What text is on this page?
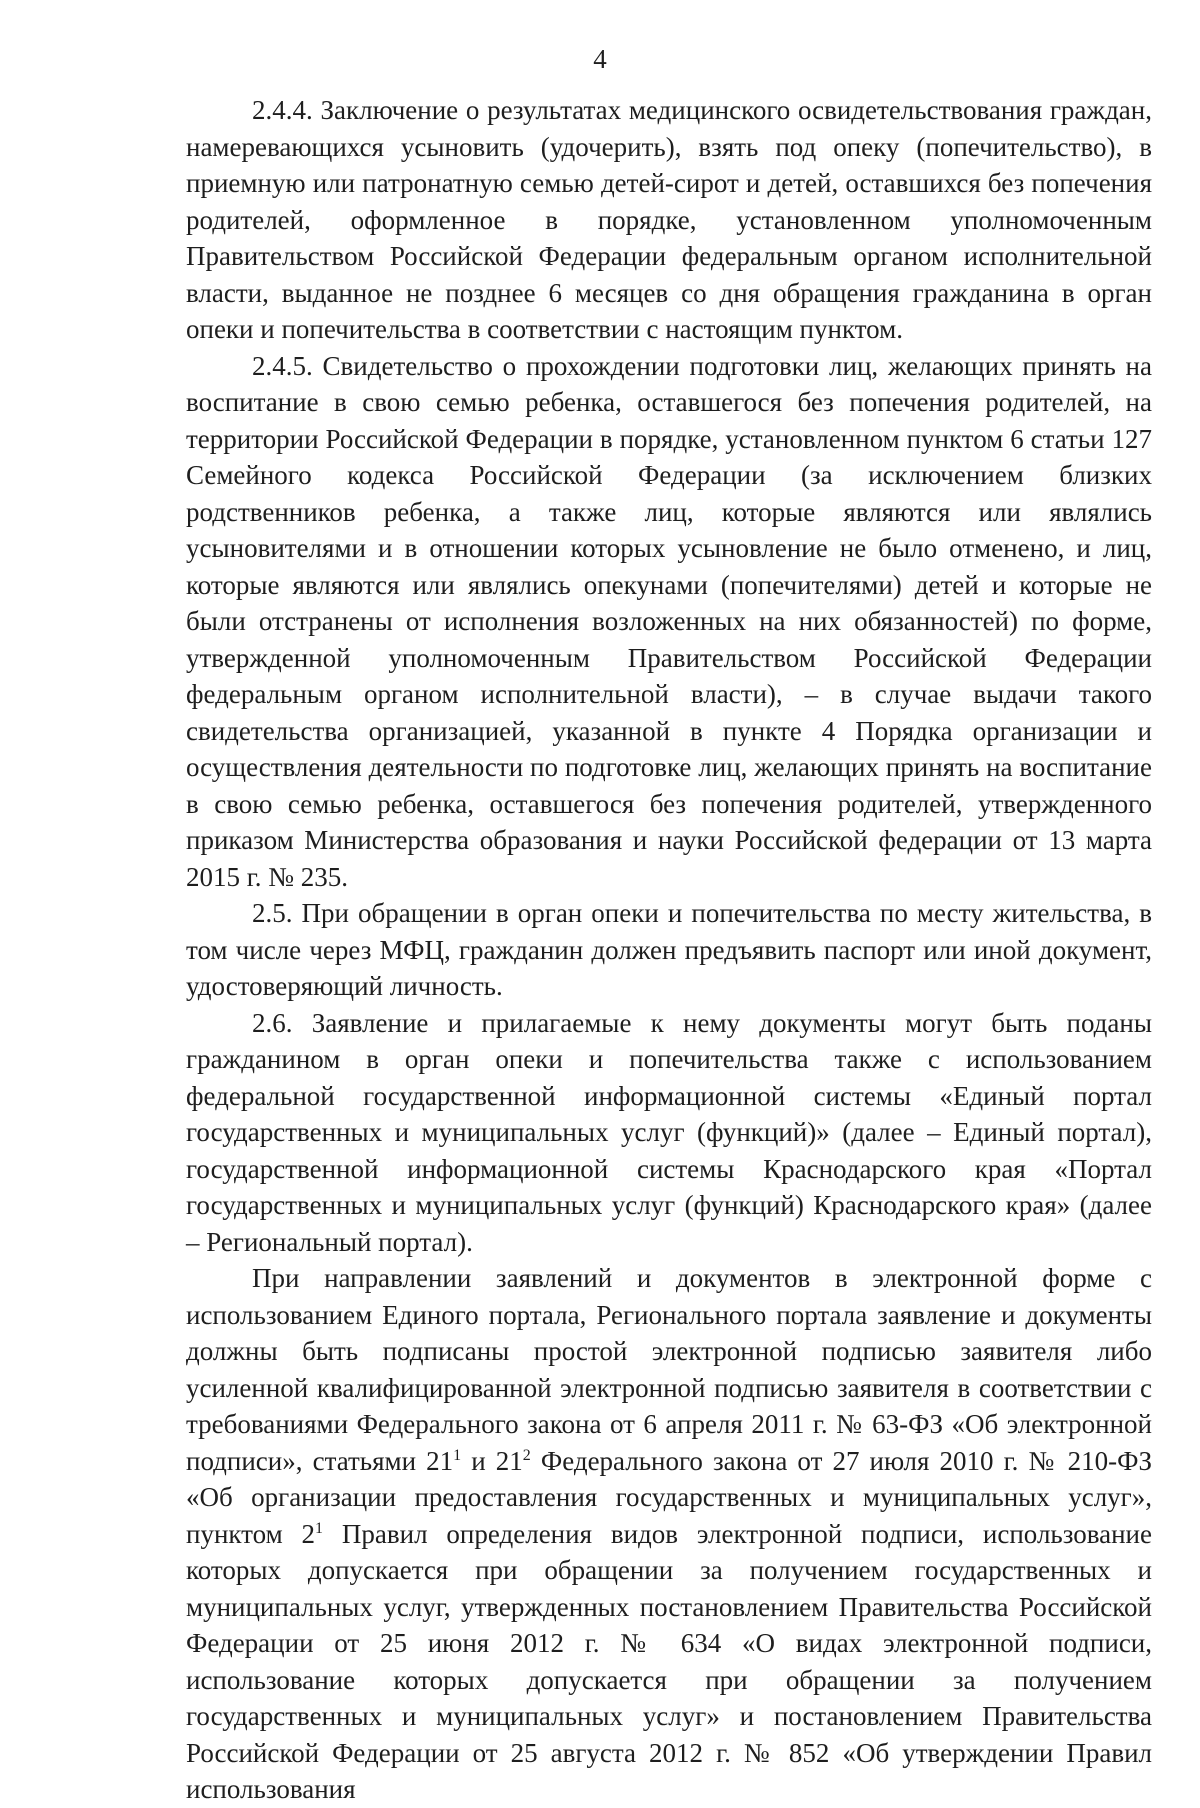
4

2.4.4. Заключение о результатах медицинского освидетельствования граждан, намеревающихся усыновить (удочерить), взять под опеку (попечительство), в приемную или патронатную семью детей-сирот и детей, оставшихся без попечения родителей, оформленное в порядке, установленном уполномоченным Правительством Российской Федерации федеральным органом исполнительной власти, выданное не позднее 6 месяцев со дня обращения гражданина в орган опеки и попечительства в соответствии с настоящим пунктом.

2.4.5. Свидетельство о прохождении подготовки лиц, желающих принять на воспитание в свою семью ребенка, оставшегося без попечения родителей, на территории Российской Федерации в порядке, установленном пунктом 6 статьи 127 Семейного кодекса Российской Федерации (за исключением близких родственников ребенка, а также лиц, которые являются или являлись усыновителями и в отношении которых усыновление не было отменено, и лиц, которые являются или являлись опекунами (попечителями) детей и которые не были отстранены от исполнения возложенных на них обязанностей) по форме, утвержденной уполномоченным Правительством Российской Федерации федеральным органом исполнительной власти), – в случае выдачи такого свидетельства организацией, указанной в пункте 4 Порядка организации и осуществления деятельности по подготовке лиц, желающих принять на воспитание в свою семью ребенка, оставшегося без попечения родителей, утвержденного приказом Министерства образования и науки Российской федерации от 13 марта 2015 г. № 235.

2.5. При обращении в орган опеки и попечительства по месту жительства, в том числе через МФЦ, гражданин должен предъявить паспорт или иной документ, удостоверяющий личность.

2.6. Заявление и прилагаемые к нему документы могут быть поданы гражданином в орган опеки и попечительства также с использованием федеральной государственной информационной системы «Единый портал государственных и муниципальных услуг (функций)» (далее – Единый портал), государственной информационной системы Краснодарского края «Портал государственных и муниципальных услуг (функций) Краснодарского края» (далее – Региональный портал).

При направлении заявлений и документов в электронной форме с использованием Единого портала, Регионального портала заявление и документы должны быть подписаны простой электронной подписью заявителя либо усиленной квалифицированной электронной подписью заявителя в соответствии с требованиями Федерального закона от 6 апреля 2011 г. № 63-ФЗ «Об электронной подписи», статьями $21^1$ и $21^2$ Федерального закона от 27 июля 2010 г. № 210-ФЗ «Об организации предоставления государственных и муниципальных услуг», пунктом $2^1$ Правил определения видов электронной подписи, использование которых допускается при обращении за получением государственных и муниципальных услуг, утвержденных постановлением Правительства Российской Федерации от 25 июня 2012 г. № 634 «О видах электронной подписи, использование которых допускается при обращении за получением государственных и муниципальных услуг» и постановлением Правительства Российской Федерации от 25 августа 2012 г. № 852 «Об утверждении Правил использования
